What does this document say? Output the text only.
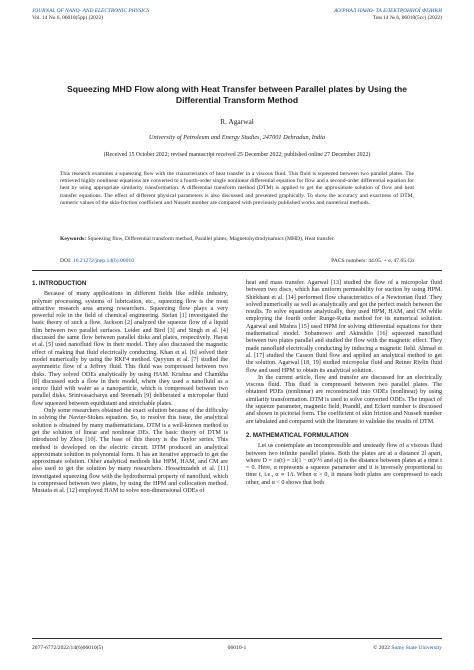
JOURNAL OF NANO- AND ELECTRONIC PHYSICS
Vol. 14 No 6, 06010(5pp) (2022)
ЖУРНАЛ НАНО- ТА ЕЛЕКТРОННОЇ ФІЗИКИ
Том 14 № 6, 06010(5cc) (2022)
Squeezing MHD Flow along with Heat Transfer between Parallel plates by Using the Differential Transform Method
R. Agarwal
University of Petroleum and Energy Studies, 247001 Dehradun, India
(Received 15 October 2022; revised manuscript received 25 December 2022; published online 27 December 2022)
This research examines a squeezing flow with the characteristics of heat transfer in a viscous fluid. This fluid is squeezed between two parallel plates. The retrieved highly nonlinear equations are converted to a fourth-order single nonlinear differential equation for flow and a second-order differential equation for heat by using appropriate similarity transformation. A differential transform method (DTM) is applied to get the approximate solution of flow and heat transfer equations. The effect of different physical parameters is also discussed and presented graphically. To show the accuracy and exactness of DTM, numeric values of the skin-friction coefficient and Nusselt number are compared with previously published works and numerical methods.
Keywords: Squeezing flow, Differential transform method, Parallel plates, Magnetohydrodynamics (MHD), Heat transfer.
DOI: 10.21272/jnep.14(6).06010	PACS numbers: 44.05. + e, 47.65.Cb
1. INTRODUCTION

Because of many applications in different fields like edible industry, polymer processing, systems of lubrication, etc., squeezing flow is the most attractive research area among researchers. Squeezing flow plays a very powerful role in the field of chemical engineering. Stefan [1] investigated the basic theory of such a flow. Jackson [2] analyzed the squeeze flow of a liquid film between two parallel surfaces. Leider and Bird [3] and Singh et al. [4] discussed the same flow between parallel disks and plates, respectively. Hayat et al. [5] used nanofluid flow in their model. They also discussed the magnetic effect of making that fluid electrically conducting. Khan et al. [6] solved their model numerically by using the RKF4 method. Qayyum et al. [7] studied the asymmetric flow of a Jeffrey fluid. This fluid was compressed between two disks. They solved ODEs analytically by using HAM. Krishna and Chamkha [8] discussed such a flow in their model, where they used a nanofluid as a source fluid with water as a nanoparticle, which is compressed between two parallel disks. Srinivasacharya and Sreenath [9] deliberated a micropolar fluid flow squeezed between equidistant and stretchable plates.

Only some researchers obtained the exact solution because of the difficulty in solving the Navier-Stokes equation. So, to resolve this issue, the analytical solution is obtained by many mathematicians. DTM is a well-known method to get the solution of linear and nonlinear DEs. The basic theory of DTM is introduced by Zhou [10]. The base of this theory is the Taylor series. This method is developed on the electric circuit. DTM produced an analytical approximate solution in polynomial form. It has an iterative approach to get the approximate solution. Other analytical methods like HPM, HAM, and CM are also used to get the solution by many researchers. Hosseinzadeh et al. [11] investigated squeezing flow with the hydrothermal property of nanofluid, which is compressed between two plates, by using the HPM and collocation method. Mustafa et al. [12] employed HAM to solve non-dimensional ODEs of

heat and mass transfer. Agarwal [13] studied the flow of a micropolar fluid between two discs, which has uniform permeability for suction by using HPM. Shirkhani et al. [14] performed flow characteristics of a Newtonian fluid. They solved numerically as well as analytically and got the perfect match between the results. To solve equations analytically, they used HPM, HAM, and CM while employing the fourth order Runge-Kutta method for its numerical solution. Agarwal and Mishra [15] used HPM for solving differential equations for their mathematical model. Sobamowo and Akinshilo [16] squeezed nanofluid between two plates parallel and studied the flow with the magnetic effect. They made nanofluid electrically conducting by inducing a magnetic field. Ahmad et al. [17] studied the Casson fluid flow and applied an analytical method to get the solution. Agarwal [18, 19] studied micropolar fluid and Reiner Rivlin fluid flow and used HPM to obtain its analytical solution.

In the current article, flow and transfer are discussed for an electrically viscous fluid. This fluid is compressed between two parallel plates. The obtained PDEs (nonlinear) are reconstructed into ODEs (nonlinear) by using similarity transformation. DTM is used to solve converted ODEs. The impact of the squeeze parameter, magnetic field, Prandtl, and Eckert number is discussed and shown in pictorial form. The coefficient of skin friction and Nusselt number are tabulated and compared with the literature to validate the results of DTM.

2. MATHEMATICAL FORMULATION

Let us contemplate an incompressible and unsteady flow of a viscous fluid between two infinite parallel plates. Both the plates are at a distance 2l apart, where D = ±s(t) = ±l(1 − αt)^½ and s(t) is the distance between plates at a time t = 0. Here, α represents a squeeze parameter and it is inversely proportional to time t, i.e., α ∝ 1/t. When α > 0, it means both plates are compressed to each other, and α < 0 shows that both

2077-6772/2022/14(6)06010(5)	06010-1	© 2022 Sumy State University
